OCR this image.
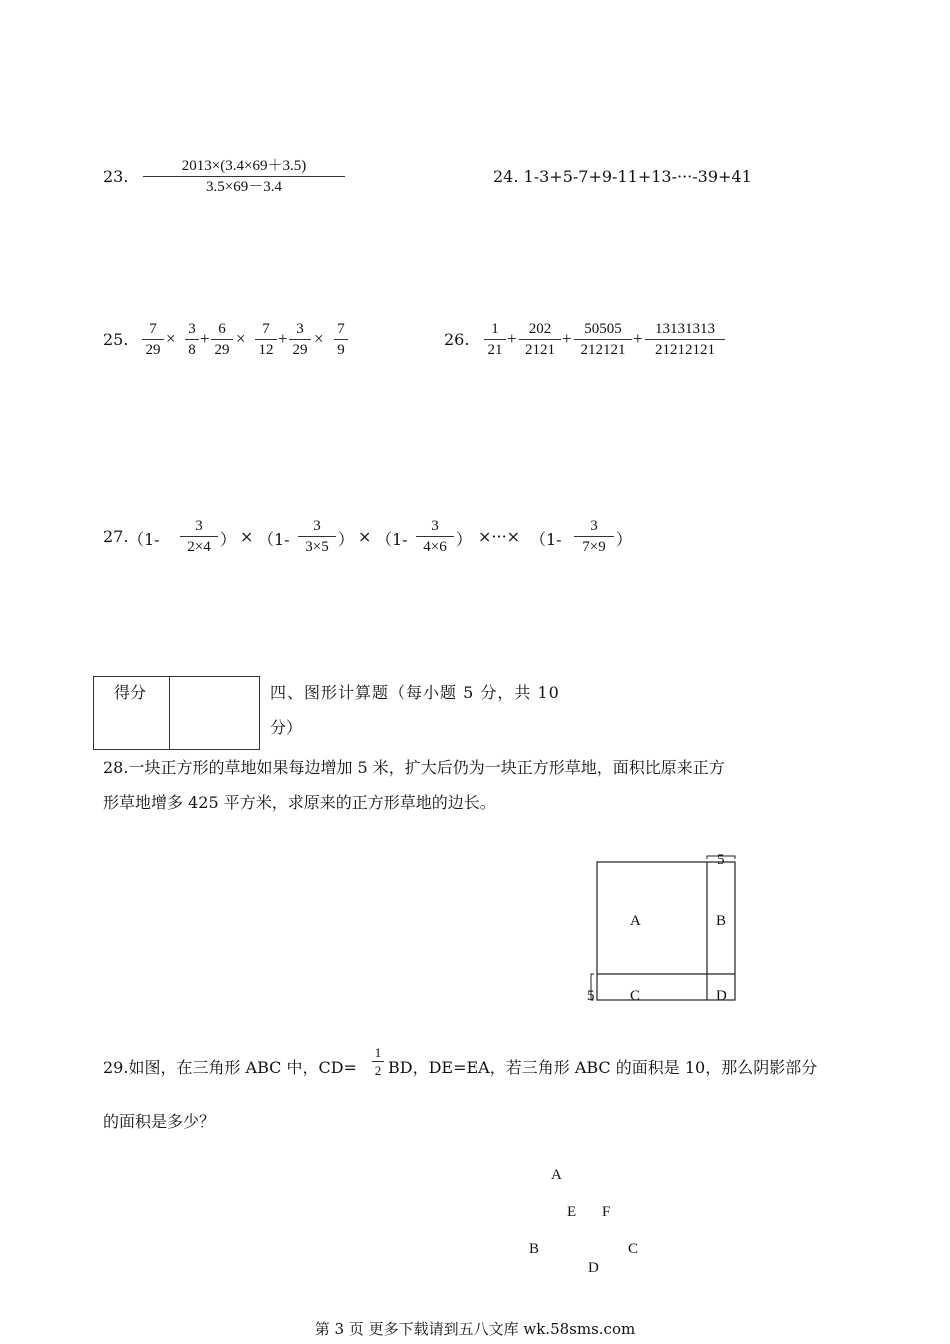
23.
2013×(3.4×69＋3.5)
3.5×69－3.4
24. 1-3+5-7+9-11+13-···-39+41
25.
7
29
× 3
8
+ 6
29
×	7
12
+ 3
29
× 7
9
26.
1
21
+ 202
2121
+ 50505
212121
+ 13131313
21212121
27. （1-
3
2×4 ） × （1-
3
3×5 ） × （1-
3
4×6 ） ×···× （1-
3
7×9 ）
得分	四、图形计算题（每小题 5 分，共 10
分）
28.一块正方形的草地如果每边增加 5 米，扩大后仍为一块正方形草地，面积比原来正方
形草地增多 425 平方米，求原来的正方形草地的边长。
5
5
A	B
C	D
29.如图，在三角形 ABC 中，CD=
1
2 BD，DE=EA，若三角形 ABC 的面积是 10，那么阴影部分
的面积是多少？
A
E F
B	C
D
第 3 页 更多下载请到五八文库 wk.58sms.com
